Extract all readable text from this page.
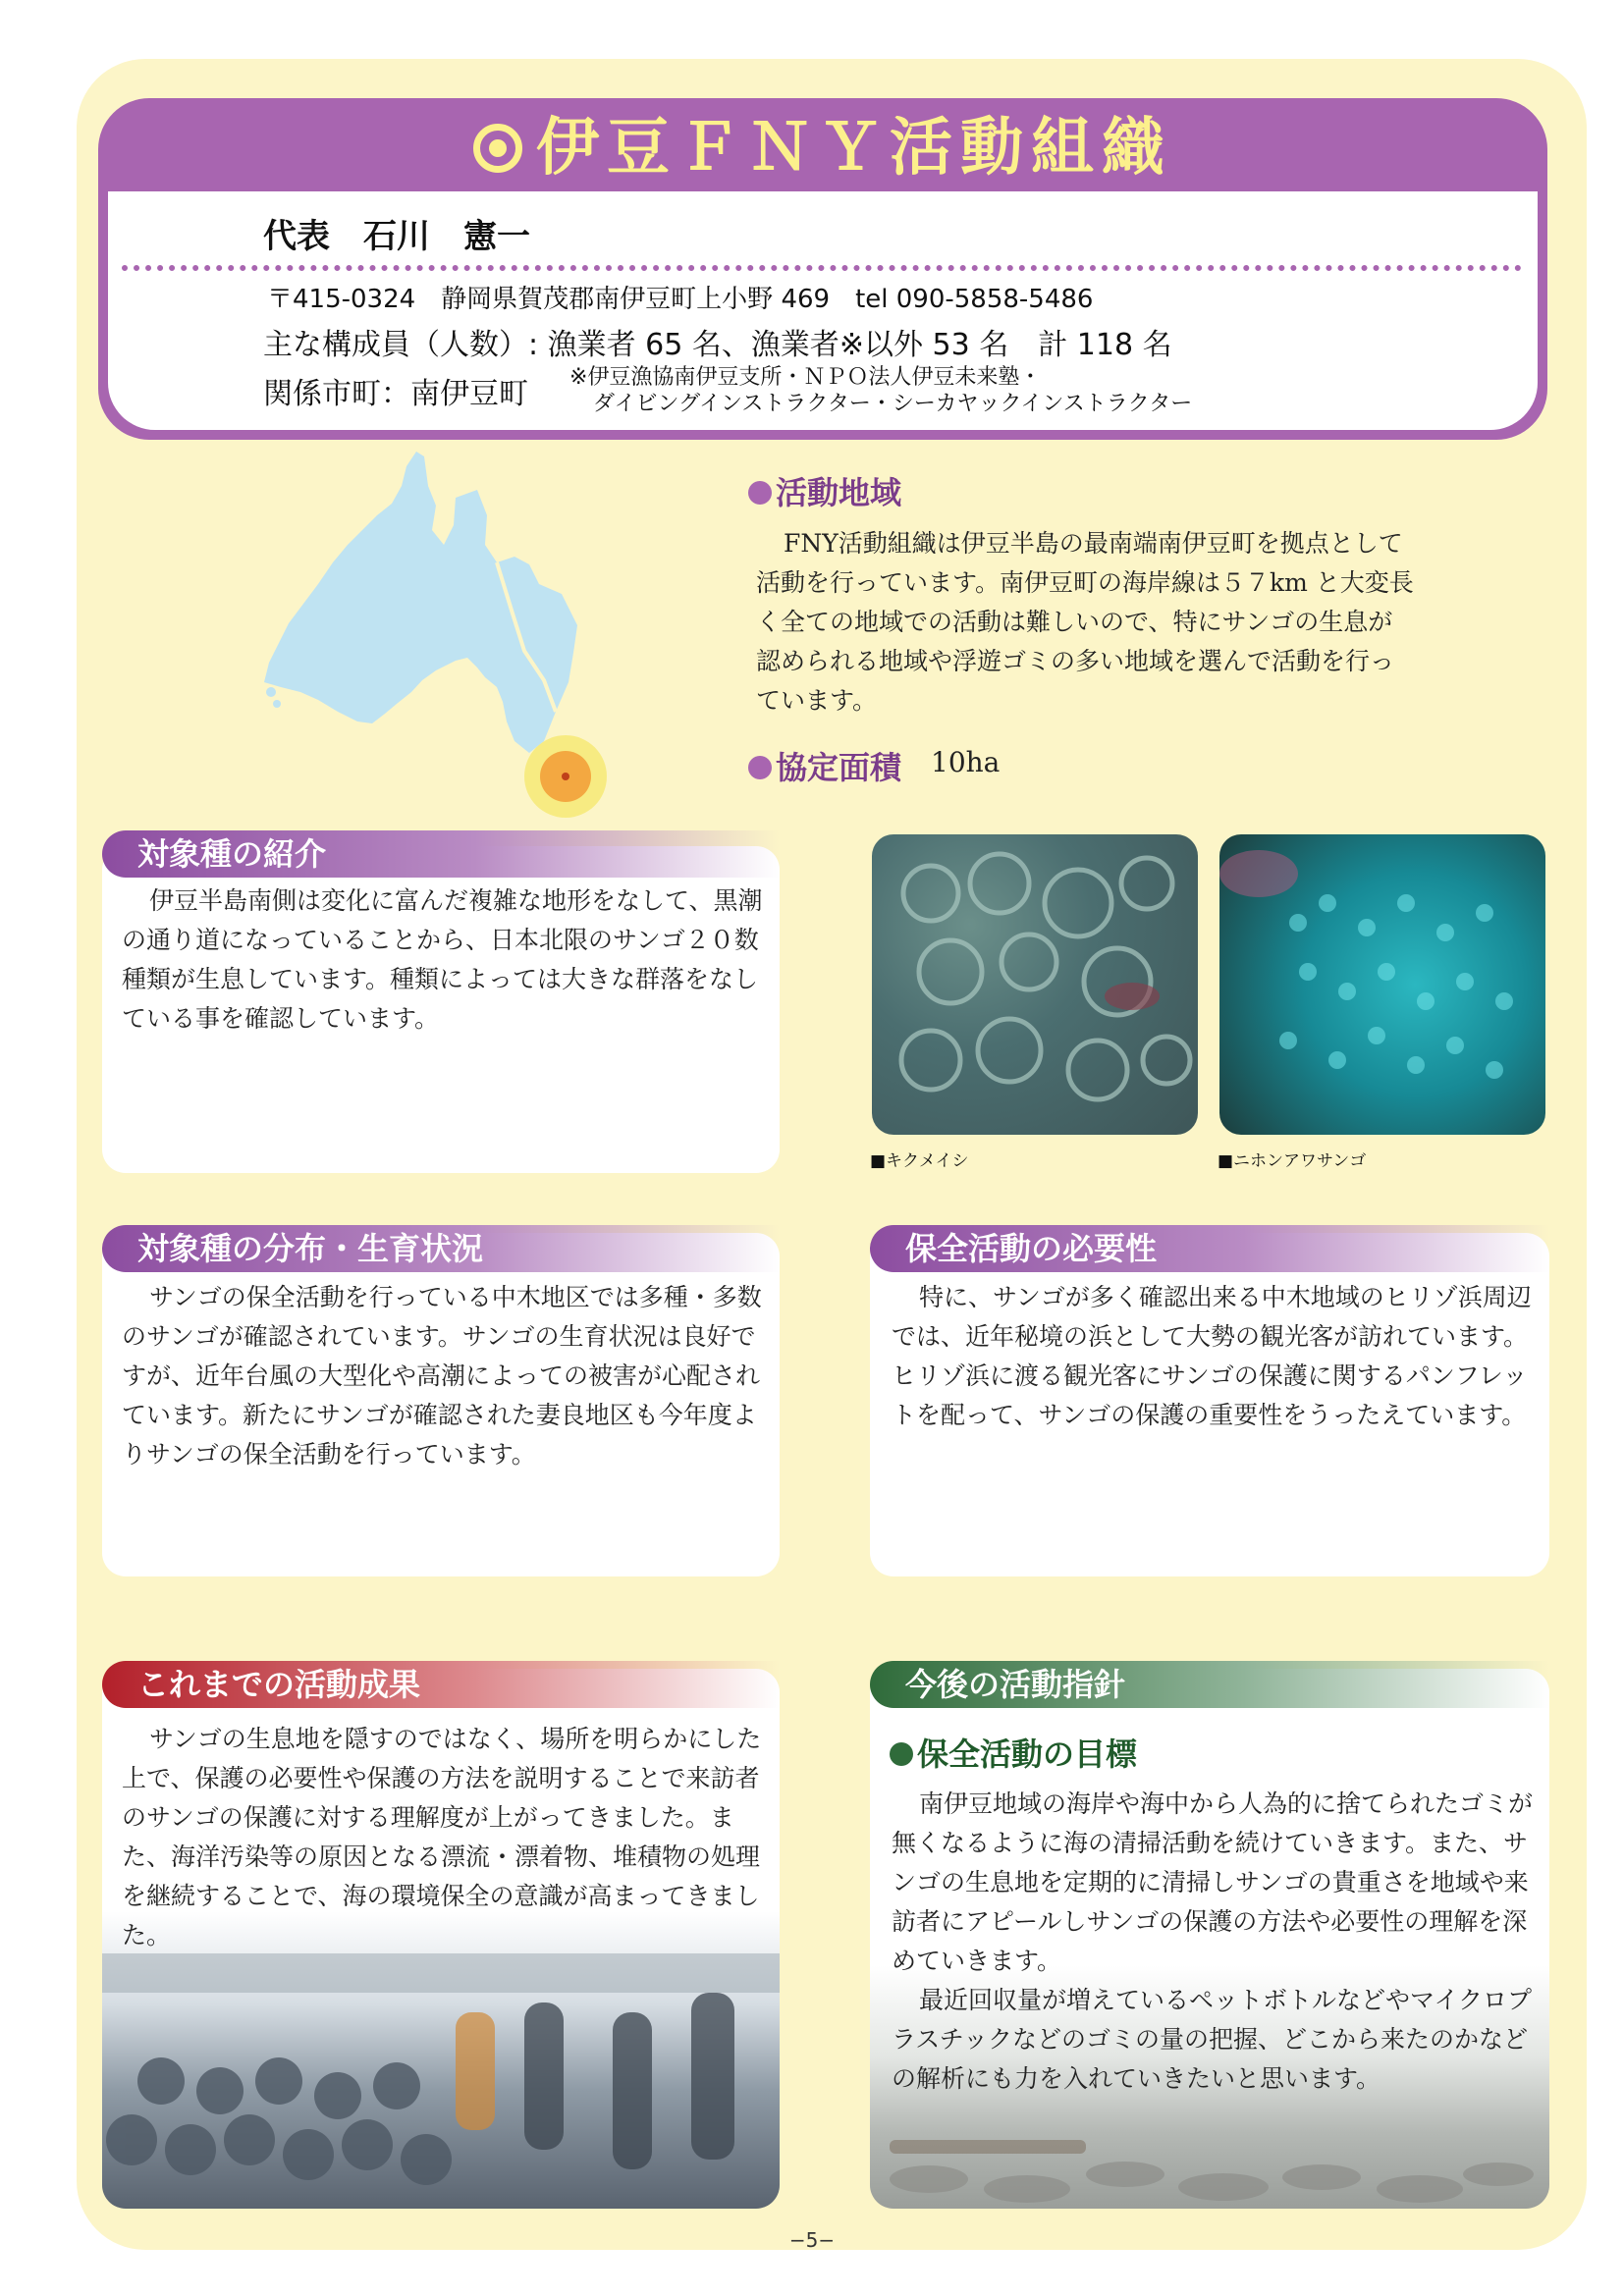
伊豆ＦＮＹ活動組織
代表　石川　憲一
〒415-0324　静岡県賀茂郡南伊豆町上小野 469　tel 090-5858-5486
主な構成員（人数）: 漁業者 65 名、漁業者※以外 53 名　計 118 名
関係市町：南伊豆町 ※伊豆漁協南伊豆支所・ＮＰＯ法人伊豆未来塾・
ダイビングインストラクター・シーカヤックインストラクター
活動地域
FNY活動組織は伊豆半島の最南端南伊豆町を拠点として活動を行っています。南伊豆町の海岸線は５７km と大変長く全ての地域での活動は難しいので、特にサンゴの生息が認められる地域や浮遊ゴミの多い地域を選んで活動を行っています。
協定面積 10ha
対象種の紹介
伊豆半島南側は変化に富んだ複雑な地形をなして、黒潮の通り道になっていることから、日本北限のサンゴ２０数種類が生息しています。種類によっては大きな群落をなしている事を確認しています。
■キクメイシ	■ニホンアワサンゴ
対象種の分布・生育状況
サンゴの保全活動を行っている中木地区では多種・多数のサンゴが確認されています。サンゴの生育状況は良好ですが、近年台風の大型化や高潮によっての被害が心配されています。新たにサンゴが確認された妻良地区も今年度よりサンゴの保全活動を行っています。
保全活動の必要性
特に、サンゴが多く確認出来る中木地域のヒリゾ浜周辺では、近年秘境の浜として大勢の観光客が訪れています。ヒリゾ浜に渡る観光客にサンゴの保護に関するパンフレットを配って、サンゴの保護の重要性をうったえています。
これまでの活動成果
サンゴの生息地を隠すのではなく、場所を明らかにした上で、保護の必要性や保護の方法を説明することで来訪者のサンゴの保護に対する理解度が上がってきました。また、海洋汚染等の原因となる漂流・漂着物、堆積物の処理を継続することで、海の環境保全の意識が高まってきました。
今後の活動指針
保全活動の目標
南伊豆地域の海岸や海中から人為的に捨てられたゴミが無くなるように海の清掃活動を続けていきます。また、サンゴの生息地を定期的に清掃しサンゴの貴重さを地域や来訪者にアピールしサンゴの保護の方法や必要性の理解を深めていきます。
最近回収量が増えているペットボトルなどやマイクロプラスチックなどのゴミの量の把握、どこから来たのかなどの解析にも力を入れていきたいと思います。
−5−
